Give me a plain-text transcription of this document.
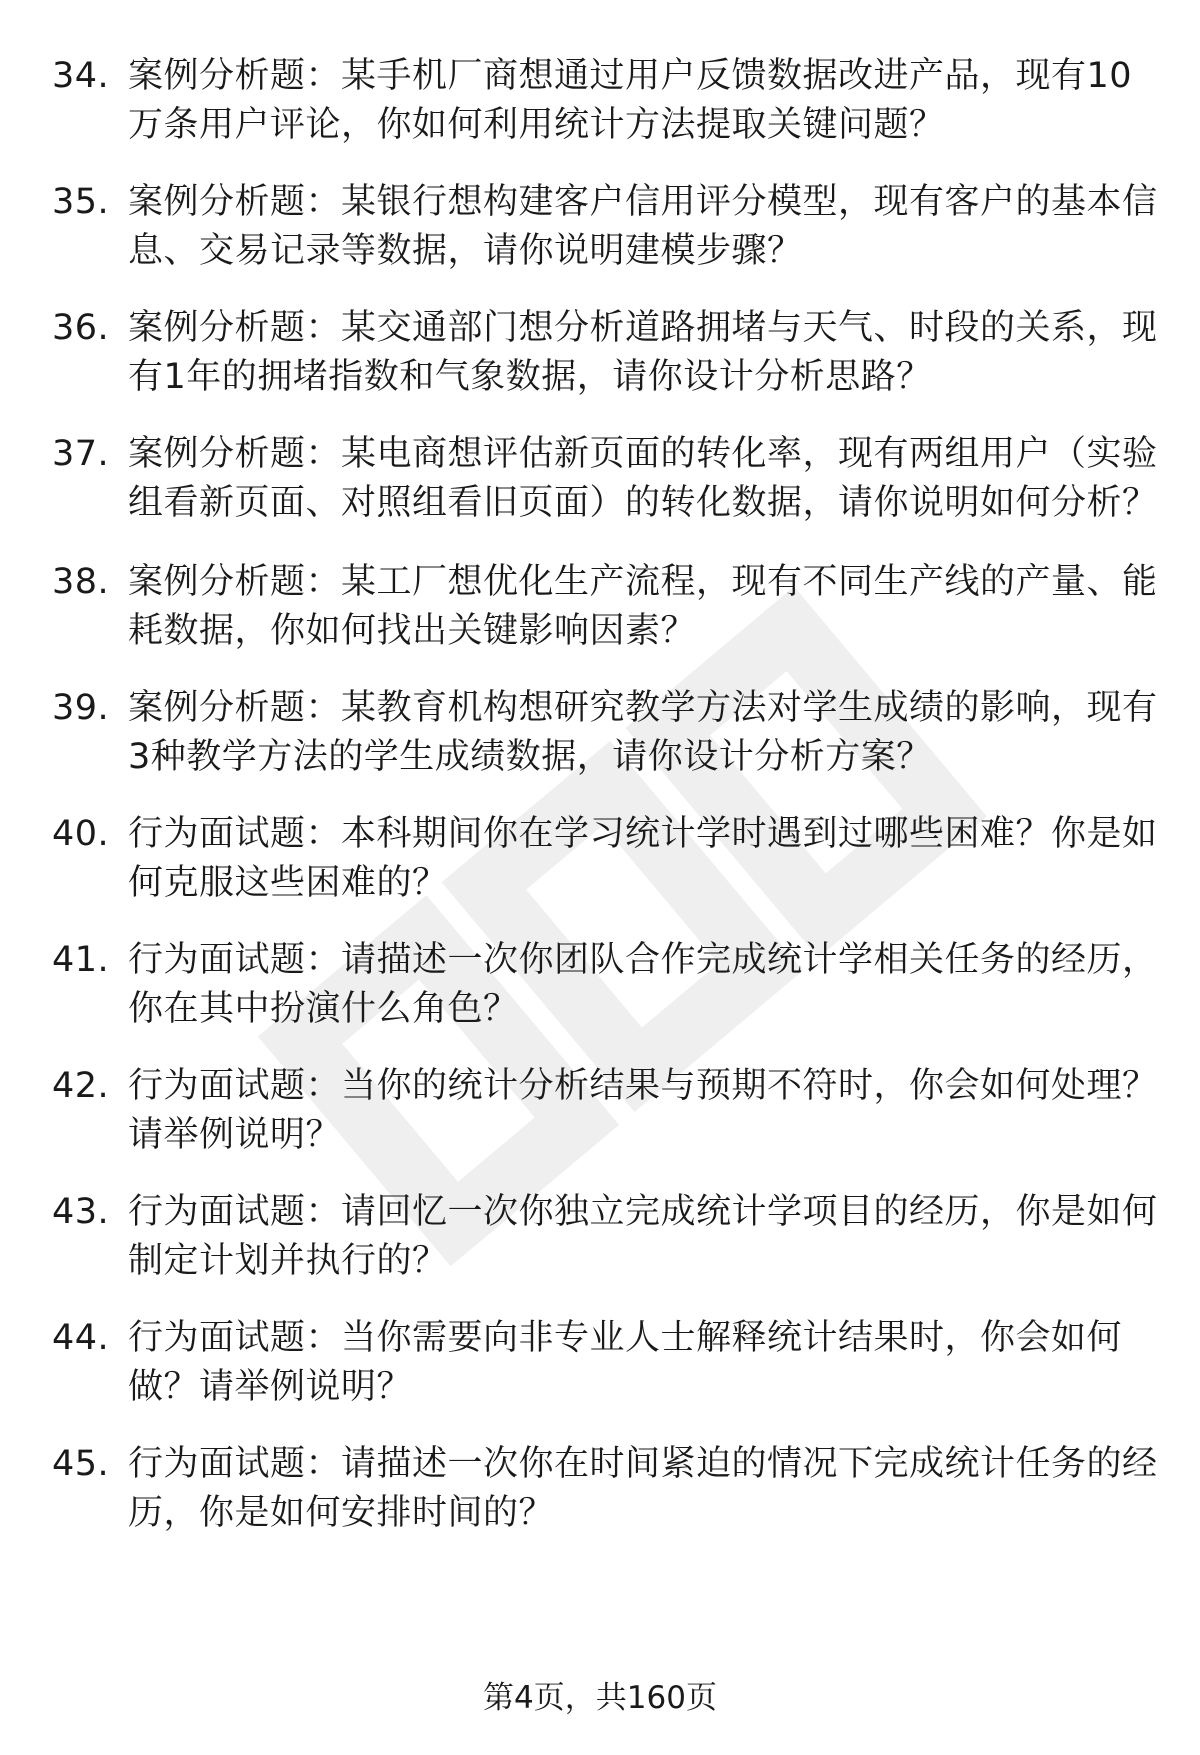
34. 案例分析题：某手机厂商想通过用户反馈数据改进产品，现有10万条用户评论，你如何利用统计方法提取关键问题？
35. 案例分析题：某银行想构建客户信用评分模型，现有客户的基本信息、交易记录等数据，请你说明建模步骤？
36. 案例分析题：某交通部门想分析道路拥堵与天气、时段的关系，现有1年的拥堵指数和气象数据，请你设计分析思路？
37. 案例分析题：某电商想评估新页面的转化率，现有两组用户（实验组看新页面、对照组看旧页面）的转化数据，请你说明如何分析？
38. 案例分析题：某工厂想优化生产流程，现有不同生产线的产量、能耗数据，你如何找出关键影响因素？
39. 案例分析题：某教育机构想研究教学方法对学生成绩的影响，现有3种教学方法的学生成绩数据，请你设计分析方案？
40. 行为面试题：本科期间你在学习统计学时遇到过哪些困难？你是如何克服这些困难的？
41. 行为面试题：请描述一次你团队合作完成统计学相关任务的经历，你在其中扮演什么角色？
42. 行为面试题：当你的统计分析结果与预期不符时，你会如何处理？请举例说明？
43. 行为面试题：请回忆一次你独立完成统计学项目的经历，你是如何制定计划并执行的？
44. 行为面试题：当你需要向非专业人士解释统计结果时，你会如何做？请举例说明？
45. 行为面试题：请描述一次你在时间紧迫的情况下完成统计任务的经历，你是如何安排时间的？
第4页，共160页
